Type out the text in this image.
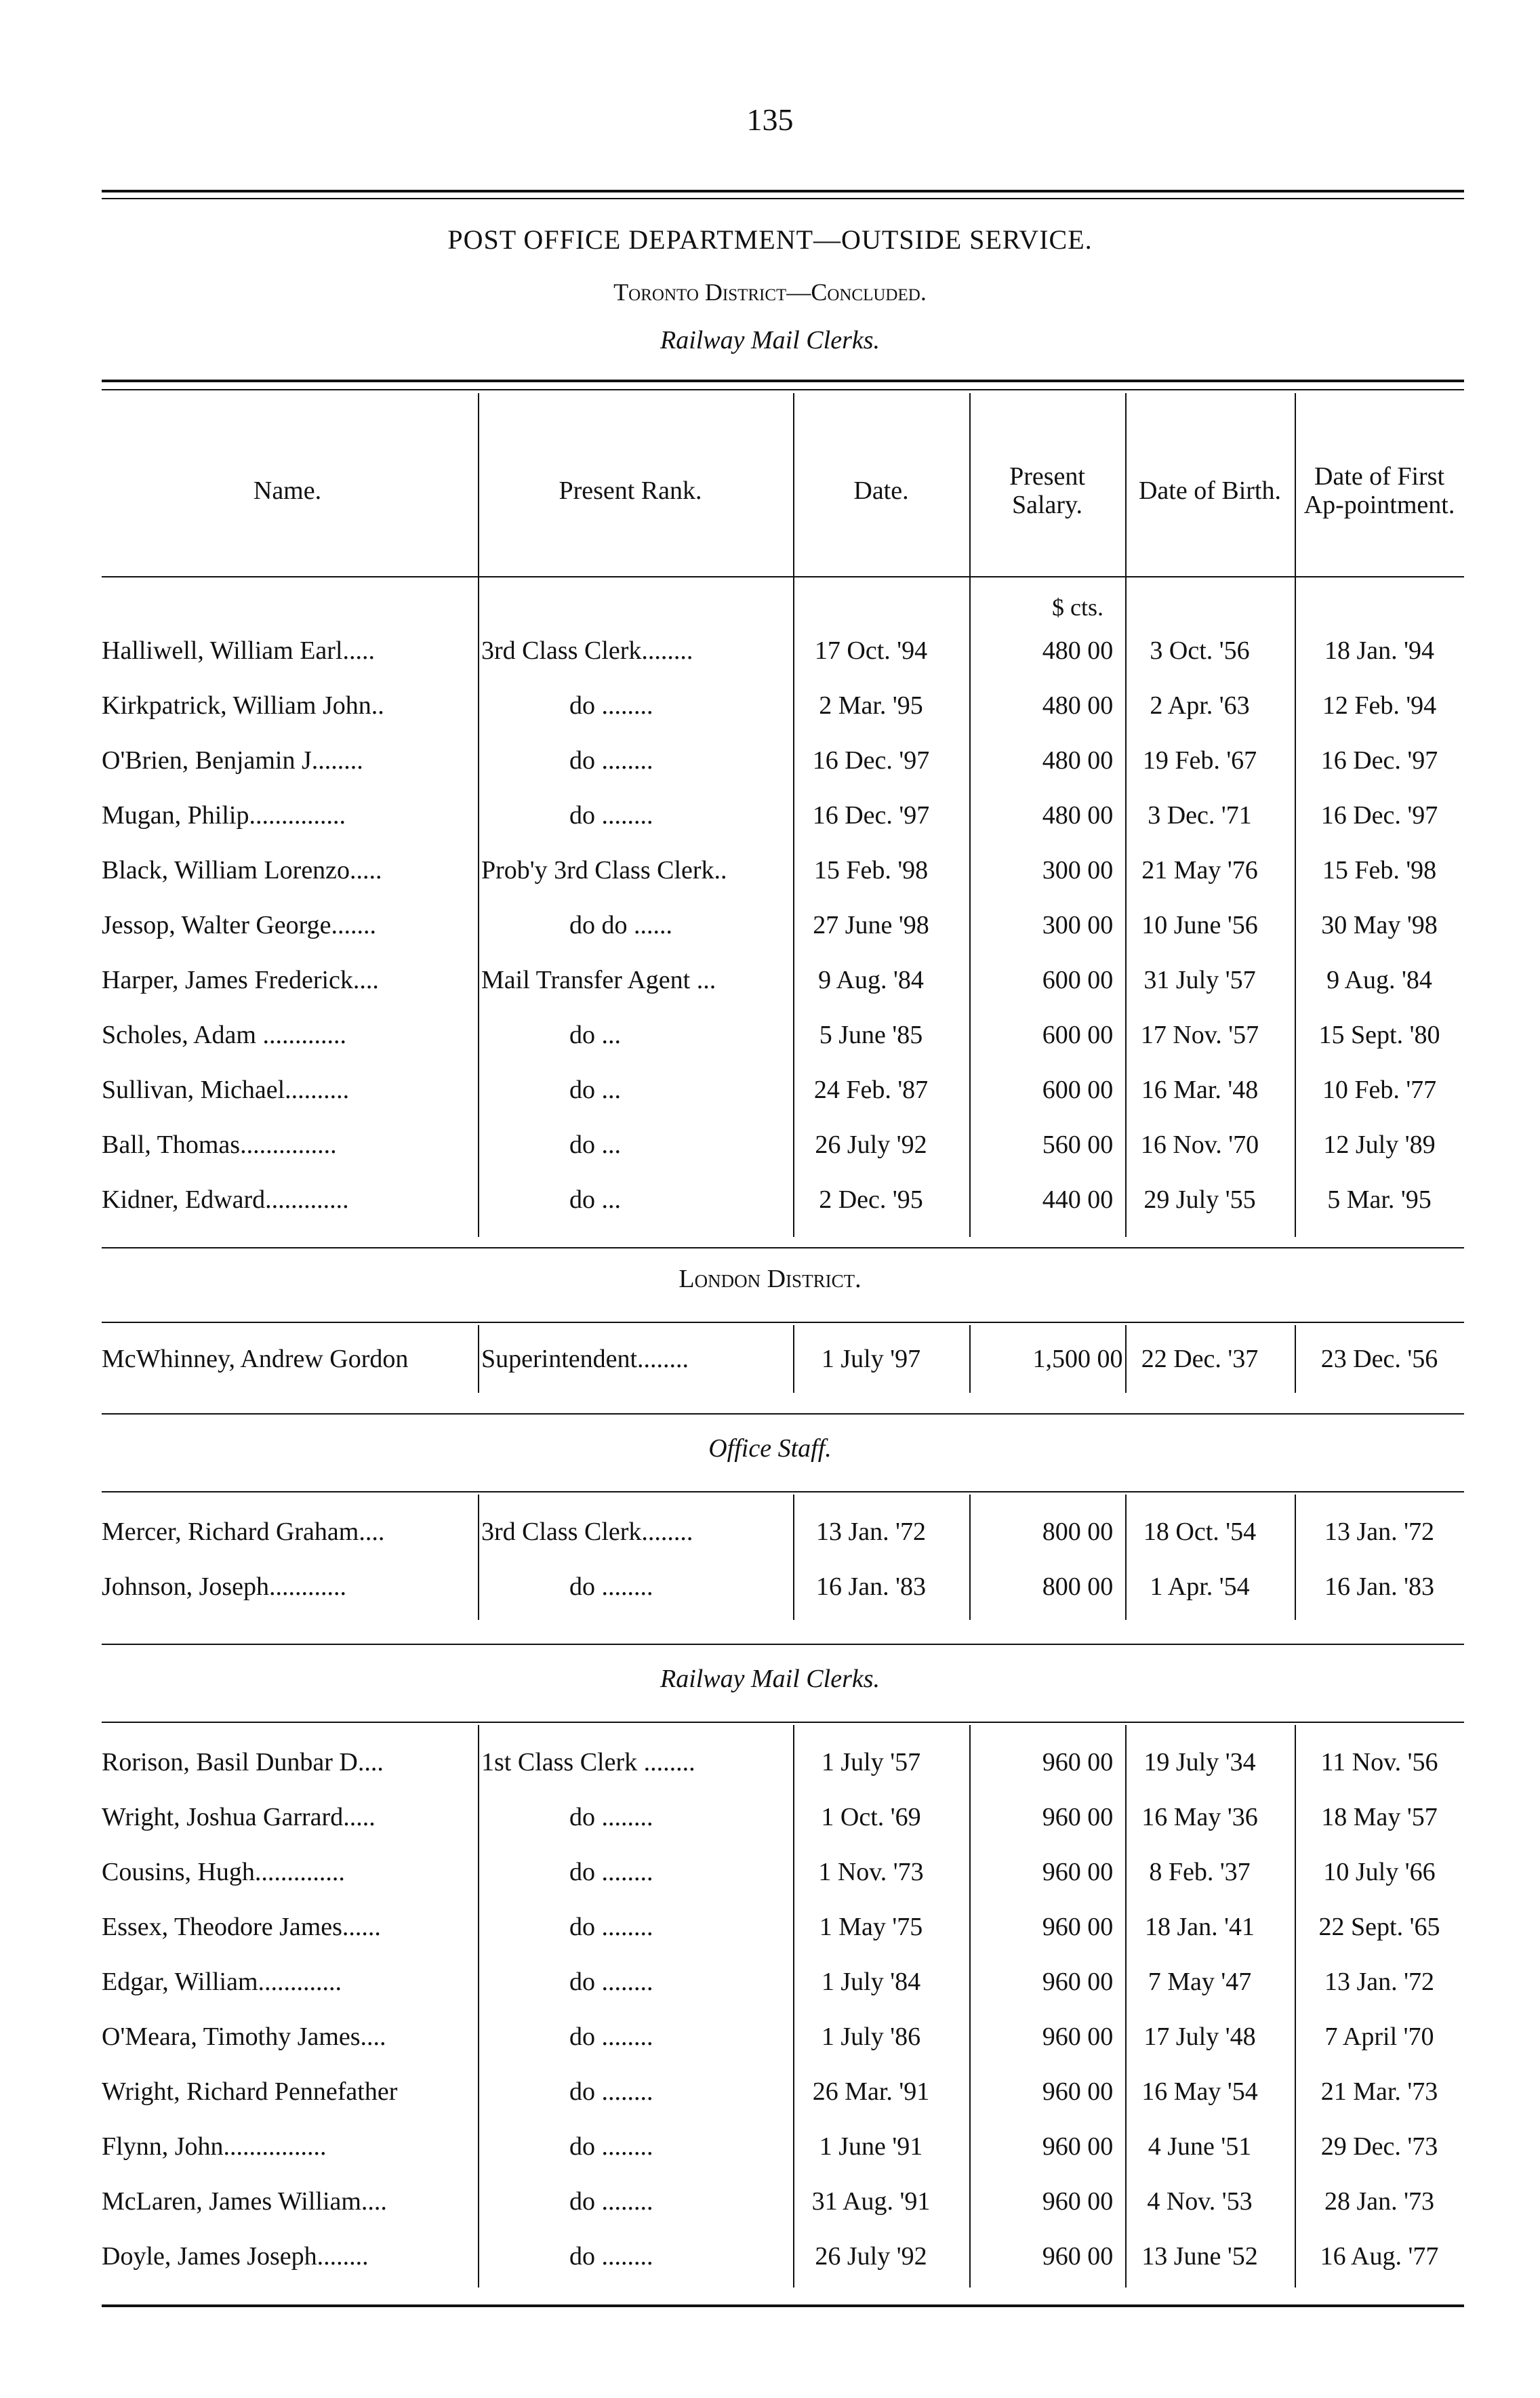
135
POST OFFICE DEPARTMENT—OUTSIDE SERVICE.
Toronto District—Concluded.
Railway Mail Clerks.
Name.	Present Rank.	Date.	Present Salary.	Date of Birth.	Date of First Ap-pointment.
$ cts.
Halliwell, William Earl.....	3rd Class Clerk........	17 Oct. '94	480 00	3 Oct. '56	18 Jan. '94
Kirkpatrick, William John..	do ........	2 Mar. '95	480 00	2 Apr. '63	12 Feb. '94
O'Brien, Benjamin J........	do ........	16 Dec. '97	480 00	19 Feb. '67	16 Dec. '97
Mugan, Philip...............	do ........	16 Dec. '97	480 00	3 Dec. '71	16 Dec. '97
Black, William Lorenzo.....	Prob'y 3rd Class Clerk..	15 Feb. '98	300 00	21 May '76	15 Feb. '98
Jessop, Walter George.......	do do ......	27 June '98	300 00	10 June '56	30 May '98
Harper, James Frederick....	Mail Transfer Agent ...	9 Aug. '84	600 00	31 July '57	9 Aug. '84
Scholes, Adam .............	do ...	5 June '85	600 00	17 Nov. '57	15 Sept. '80
Sullivan, Michael..........	do ...	24 Feb. '87	600 00	16 Mar. '48	10 Feb. '77
Ball, Thomas...............	do ...	26 July '92	560 00	16 Nov. '70	12 July '89
Kidner, Edward.............	do ...	2 Dec. '95	440 00	29 July '55	5 Mar. '95
London District.
McWhinney, Andrew Gordon	Superintendent........	1 July '97	1,500 00 22 Dec. '37	23 Dec. '56
Office Staff.
Mercer, Richard Graham....	3rd Class Clerk........	13 Jan. '72	800 00	18 Oct. '54	13 Jan. '72
Johnson, Joseph............	do ........	16 Jan. '83	800 00	1 Apr. '54	16 Jan. '83
Railway Mail Clerks.
Rorison, Basil Dunbar D....	1st Class Clerk ........	1 July '57	960 00	19 July '34	11 Nov. '56
Wright, Joshua Garrard.....	do ........	1 Oct. '69	960 00	16 May '36	18 May '57
Cousins, Hugh..............	do ........	1 Nov. '73	960 00	8 Feb. '37	10 July '66
Essex, Theodore James......	do ........	1 May '75	960 00	18 Jan. '41	22 Sept. '65
Edgar, William.............	do ........	1 July '84	960 00	7 May '47	13 Jan. '72
O'Meara, Timothy James....	do ........	1 July '86	960 00	17 July '48	7 April '70
Wright, Richard Pennefather	do ........	26 Mar. '91	960 00	16 May '54	21 Mar. '73
Flynn, John................	do ........	1 June '91	960 00	4 June '51	29 Dec. '73
McLaren, James William....	do ........	31 Aug. '91	960 00	4 Nov. '53	28 Jan. '73
Doyle, James Joseph........	do ........	26 July '92	960 00	13 June '52	16 Aug. '77
